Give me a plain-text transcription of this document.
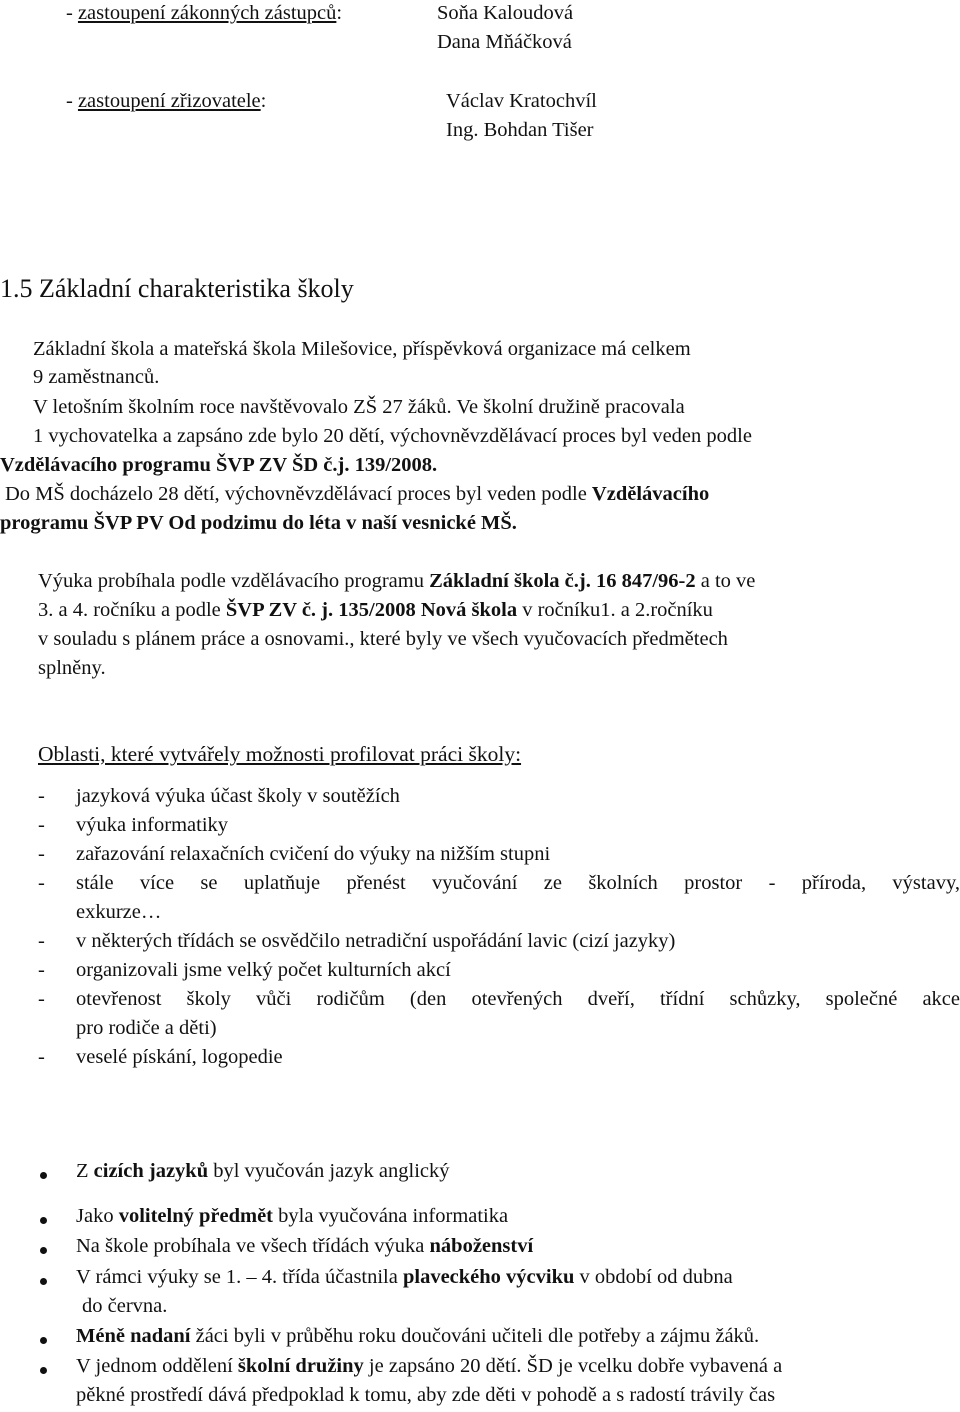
- zastoupení zákonných zástupců:	Soňa Kaloudová
Dana Mňáčková
- zastoupení zřizovatele:	Václav Kratochvíl
Ing. Bohdan Tišer
1.5 Základní charakteristika školy
Základní škola a mateřská škola Milešovice, příspěvková organizace má celkem
9 zaměstnanců.
V letošním školním roce navštěvovalo ZŠ 27 žáků. Ve školní družině pracovala
1 vychovatelka a zapsáno zde bylo 20 dětí, výchovněvzdělávací proces byl veden podle
Vzdělávacího programu ŠVP ZV ŠD č.j. 139/2008.
Do MŠ docházelo 28 dětí, výchovněvzdělávací proces byl veden podle Vzdělávacího
programu ŠVP PV Od podzimu do léta v naší vesnické MŠ.
Výuka probíhala podle vzdělávacího programu Základní škola č.j. 16 847/96-2 a to ve
3. a 4. ročníku a podle ŠVP ZV č. j. 135/2008 Nová škola v ročníku1. a 2.ročníku
v souladu s plánem práce a osnovami., které byly ve všech vyučovacích předmětech
splněny.
Oblasti, které vytvářely možnosti profilovat práci školy:
- jazyková výuka účast školy v soutěžích
- výuka informatiky
- zařazování relaxačních cvičení do výuky na nižším stupni
- stále více se uplatňuje přenést vyučování ze školních prostor - příroda, výstavy,
exkurze…
- v některých třídách se osvědčilo netradiční uspořádání lavic (cizí jazyky)
- organizovali jsme velký počet kulturních akcí
- otevřenost školy vůči rodičům (den otevřených dveří, třídní schůzky, společné akce
pro rodiče a děti)
- veselé pískání, logopedie
Z cizích jazyků byl vyučován jazyk anglický
Jako volitelný předmět byla vyučována informatika
Na škole probíhala ve všech třídách výuka náboženství
V rámci výuky se 1. – 4. třída účastnila plaveckého výcviku v období od dubna
do června.
Méně nadaní žáci byli v průběhu roku doučováni učiteli dle potřeby a zájmu žáků.
V jednom oddělení školní družiny je zapsáno 20 dětí. ŠD je vcelku dobře vybavená a
pěkné prostředí dává předpoklad k tomu, aby zde děti v pohodě a s radostí trávily čas
